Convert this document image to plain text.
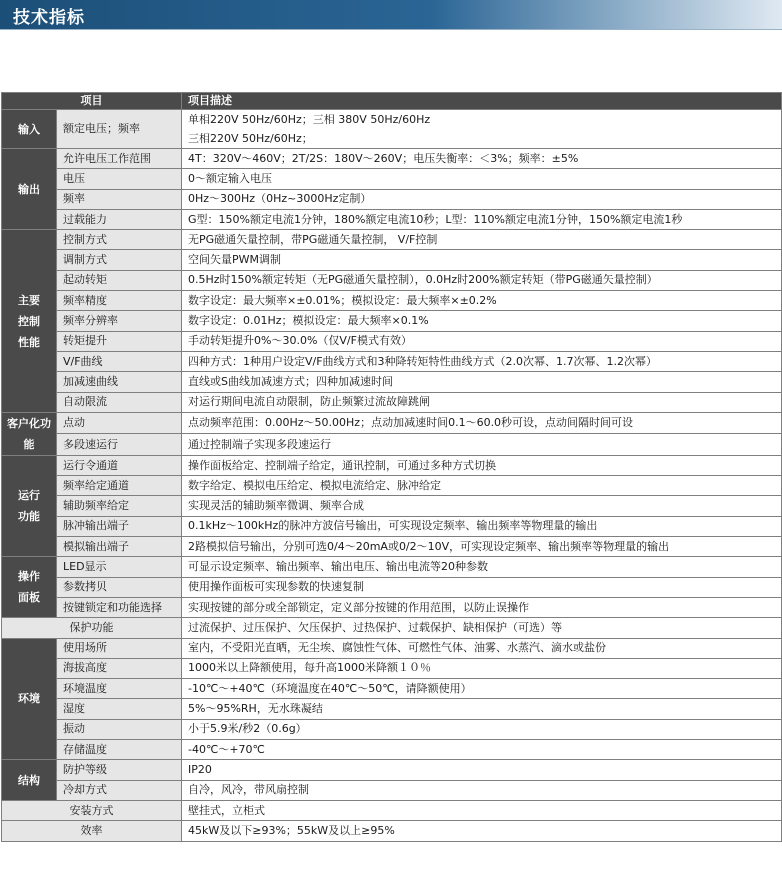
技术指标
项目		项目描述
输入	额定电压；频率	单相220V 50Hz/60Hz；三相 380V 50Hz/60Hz
三相220V 50Hz/60Hz；

输出	允许电压工作范围	4T：320V～460V；2T/2S：180V～260V；电压失衡率：＜3%；频率：±5%

	电压	0～额定输入电压

	频率	0Hz～300Hz（0Hz~3000Hz定制）

	过载能力	G型：150%额定电流1分钟，180%额定电流10秒；L型：110%额定电流1分钟，150%额定电流1秒

主要控制性能	控制方式	无PG磁通矢量控制，带PG磁通矢量控制， V/F控制

	调制方式	空间矢量PWM调制

	起动转矩	0.5Hz时150%额定转矩（无PG磁通矢量控制），0.0Hz时200%额定转矩（带PG磁通矢量控制）

	频率精度	数字设定：最大频率×±0.01%；模拟设定：最大频率×±0.2%

	频率分辨率	数字设定：0.01Hz；模拟设定：最大频率×0.1%

	转矩提升	手动转矩提升0%～30.0%（仅V/F模式有效）

	V/F曲线	四种方式：1种用户设定V/F曲线方式和3种降转矩特性曲线方式（2.0次幂、1.7次幂、1.2次幂）

	加减速曲线	直线或S曲线加减速方式；四种加减速时间

	自动限流	对运行期间电流自动限制，防止频繁过流故障跳闸

客户化功能	点动	点动频率范围：0.00Hz～50.00Hz；点动加减速时间0.1～60.0秒可设，点动间隔时间可设

	多段速运行	通过控制端子实现多段速运行

运行功能	运行令通道	操作面板给定、控制端子给定，通讯控制，可通过多种方式切换

	频率给定通道	数字给定、模拟电压给定、模拟电流给定、脉冲给定

	辅助频率给定	实现灵活的辅助频率微调、频率合成

	脉冲输出端子	0.1kHz～100kHz的脉冲方波信号输出，可实现设定频率、输出频率等物理量的输出

	模拟输出端子	2路模拟信号输出，分别可选0/4～20mA或0/2～10V，可实现设定频率、输出频率等物理量的输出

操作面板	LED显示	可显示设定频率、输出频率、输出电压、输出电流等20种参数

	参数拷贝	使用操作面板可实现参数的快速复制

	按键锁定和功能选择	实现按键的部分或全部锁定，定义部分按键的作用范围，以防止误操作

保护功能		过流保护、过压保护、欠压保护、过热保护、过载保护、缺相保护（可选）等

环境	使用场所	室内，不受阳光直晒，无尘埃、腐蚀性气体、可燃性气体、油雾、水蒸汽、滴水或盐份

	海拔高度	1000米以上降额使用，每升高1000米降额１０％

	环境温度	-10℃～+40℃（环境温度在40℃～50℃，请降额使用）

	湿度	5%～95%RH，无水珠凝结

	振动	小于5.9米/秒2（0.6g）

	存储温度	-40℃～+70℃

结构	防护等级	IP20

	冷却方式	自冷，风冷，带风扇控制

安装方式		壁挂式，立柜式

效率		45kW及以下≥93%；55kW及以上≥95%
